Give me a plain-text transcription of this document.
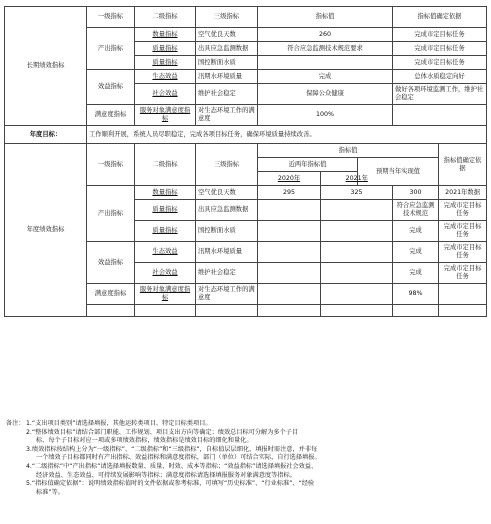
长期绩效指标	一级指标	二级指标	三级指标	指标值			指标值确定依据	
	产出指标	数量指标	空气优良天数	260			完成市定目标任务	
		质量指标	出具应急监测数据	符合应急监测技术规范要求			完成市定目标任务	
		质量指标	国控断面水质				完成市定目标任务	
	效益指标	生态效益	汛期水环境质量	完成			总体水质稳定向好	
		社会效益	维护社会稳定	保障公众健康			做好各项环境监测工作，维护社会稳定	
	满意度指标	服务对象满意度指标	对生态环境工作的满意度	100%				
年度目标：	工作顺利开展，系统人员尽职稳定，完成各项目标任务，确保环境质量持续改善。							
年度绩效指标	一级指标	二级指标	三级指标	指标值				指标值确定依据
				近两年指标值		预期当年实现值		
				2020年	2021年			
	产出指标	数量指标	空气优良天数	295	325		300	2021年数据
		质量指标	出具应急监测数据				符合应急监测技术规范	完成市定目标任务
		质量指标	国控断面水质				完成	完成市定目标任务
	效益指标	生态效益	汛期水环境质量				完成	完成市定目标任务
		社会效益	维护社会稳定				完成	完成市定目标任务
	满意度指标	服务对象满意度指标	对生态环境工作的满意度				98%	

备注： 1.“支出项目类别”请选择填报，其他运转类项目、特定目标类项目。
2.“整体绩效目标”请结合部门职能、工作规划、项目支出方向等确定；绩效总目标可分解为多个子目
标，每个子目标对应一项或多项绩效指标，绩效指标是绩效目标的细化和量化。
3.绩效指标按结构上分为“一级指标”、“二级指标”和“三级指标”，自标值层层细化，填报时需注意，并非每
一个绩效子目标都同时有产出指标、效益指标和满意度指标，部门（单位）可结合实际，自行选择填报。
4.“二级指标”中“产出指标”请选择填报数量、质量、时效、成本等指标；“效益指标”请选择填报社会效益、
经济效益、生态效益、可持续发展影响等指标；满意度指标请选择填报服务对象满意度等指标。
5.“指标值确定依据”：说明绩效指标值时的文件依据或参考标准，可填写“历史标准”、“行业标准”、“经验
标准”等。
